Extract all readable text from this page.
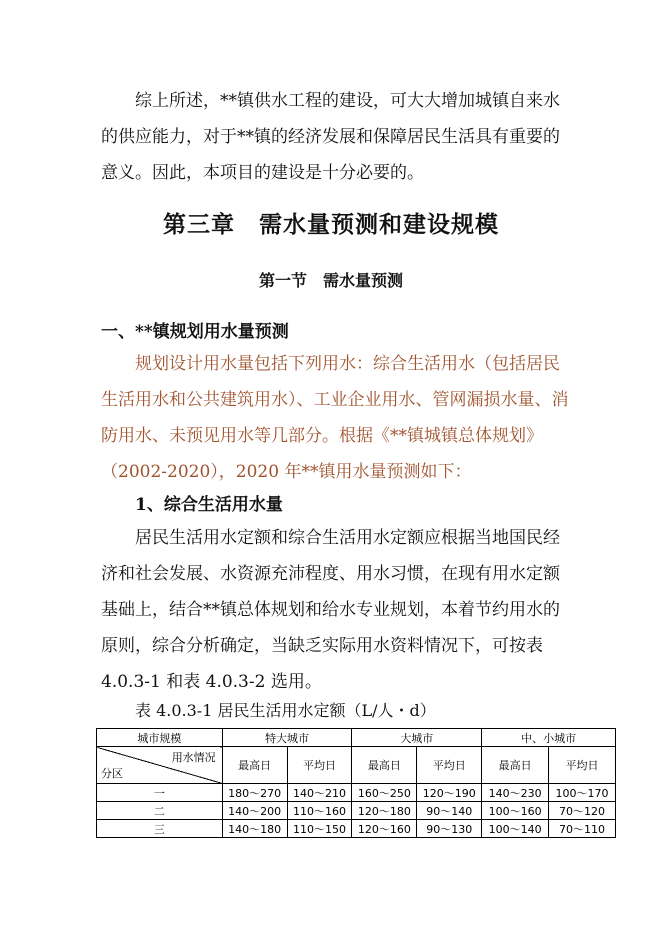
综上所述，**镇供水工程的建设，可大大增加城镇自来水的供应能力，对于**镇的经济发展和保障居民生活具有重要的意义。因此，本项目的建设是十分必要的。
第三章　需水量预测和建设规模
第一节　需水量预测
一、**镇规划用水量预测
规划设计用水量包括下列用水：综合生活用水（包括居民生活用水和公共建筑用水）、工业企业用水、管网漏损水量、消防用水、未预见用水等几部分。根据《**镇城镇总体规划》（2002-2020），2020 年**镇用水量预测如下：
1、综合生活用水量
居民生活用水定额和综合生活用水定额应根据当地国民经济和社会发展、水资源充沛程度、用水习惯，在现有用水定额基础上，结合**镇总体规划和给水专业规划，本着节约用水的原则，综合分析确定，当缺乏实际用水资料情况下，可按表 4.0.3-1 和表 4.0.3-2 选用。
表 4.0.3-1 居民生活用水定额（L/人・d）
城市规模	特大城市		大城市		中、小城市	

用水情况
分区	最高日	平均日	最高日	平均日	最高日	平均日
一	180～270	140～210	160～250	120～190	140～230	100～170
二	140～200	110～160	120～180	90～140	100～160	70～120
三	140～180	110～150	120～160	90～130	100～140	70～110
